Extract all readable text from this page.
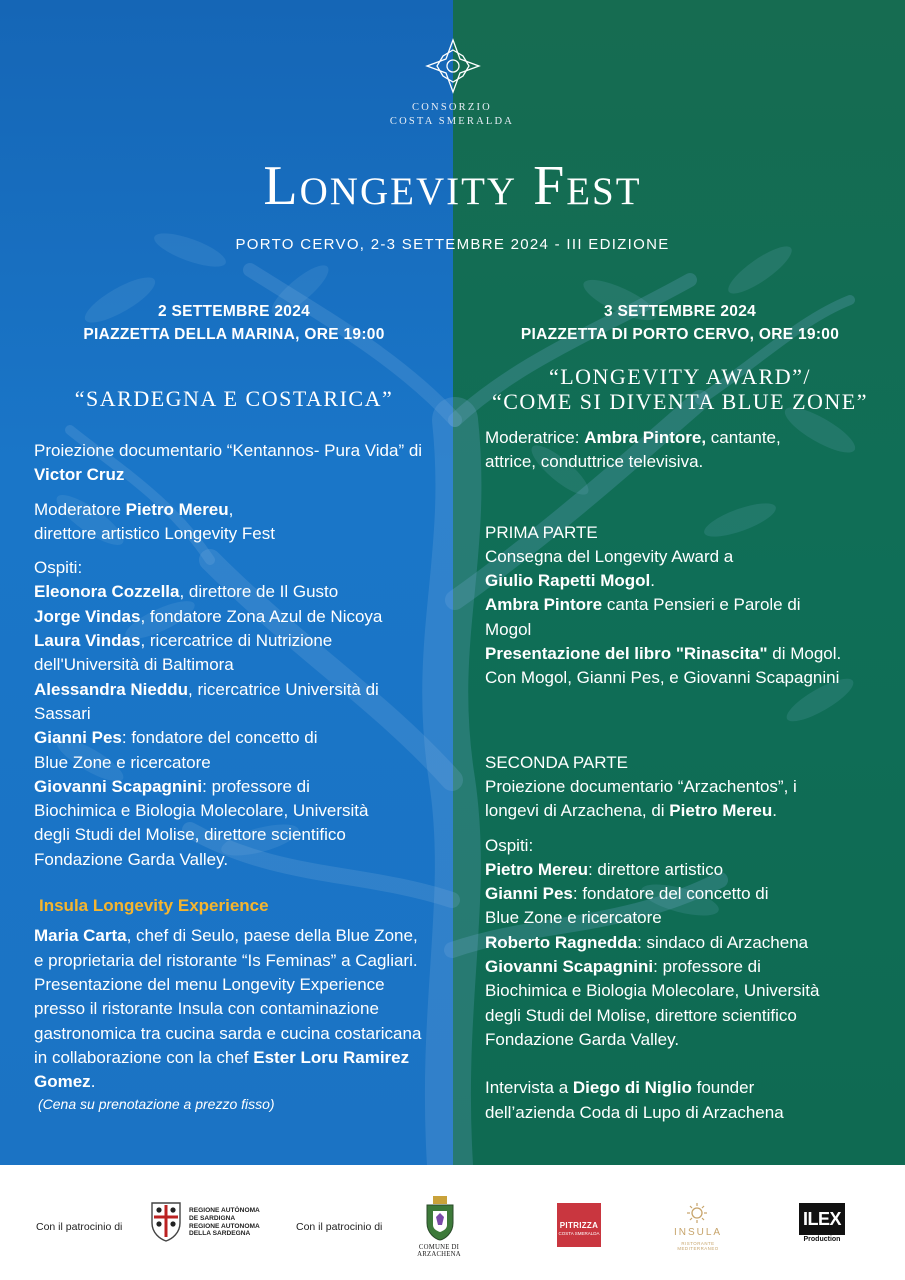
CONSORZIO
COSTA SMERALDA
Longevity Fest
PORTO CERVO, 2-3 SETTEMBRE 2024 - III EDIZIONE
2 SETTEMBRE 2024
PIAZZETTA DELLA MARINA, ORE 19:00
“SARDEGNA E COSTARICA”

Proiezione documentario “Kentannos- Pura Vida” di Victor Cruz

Moderatore Pietro Mereu,
direttore artistico Longevity Fest

Ospiti:

Eleonora Cozzella, direttore de Il Gusto

Jorge Vindas, fondatore Zona Azul de Nicoya

Laura Vindas, ricercatrice di Nutrizione dell'Università di Baltimora

Alessandra Nieddu, ricercatrice Università di Sassari

Gianni Pes: fondatore del concetto di Blue Zone e ricercatore

Giovanni Scapagnini: professore di Biochimica e Biologia Molecolare, Università degli Studi del Molise, direttore scientifico Fondazione Garda Valley.

Insula Longevity Experience

Maria Carta, chef di Seulo, paese della Blue Zone, e proprietaria del ristorante “Is Feminas” a Cagliari. Presentazione del menu Longevity Experience presso il ristorante Insula con contaminazione gastronomica tra cucina sarda e cucina costaricana in collaborazione con la chef Ester Loru Ramirez Gomez.

(Cena su prenotazione a prezzo fisso)

3 SETTEMBRE 2024
PIAZZETTA DI PORTO CERVO, ORE 19:00
“LONGEVITY AWARD”/
“COME SI DIVENTA BLUE ZONE”

Moderatrice: Ambra Pintore, cantante, attrice, conduttrice televisiva.

PRIMA PARTE

Consegna del Longevity Award a
Giulio Rapetti Mogol.

Ambra Pintore canta Pensieri e Parole di Mogol

Presentazione del libro "Rinascita" di Mogol.

Con Mogol, Gianni Pes, e Giovanni Scapagnini

SECONDA PARTE

Proiezione documentario “Arzachentos”, i longevi di Arzachena, di Pietro Mereu.

Ospiti:

Pietro Mereu: direttore artistico

Gianni Pes: fondatore del concetto di Blue Zone e ricercatore

Roberto Ragnedda: sindaco di Arzachena

Giovanni Scapagnini: professore di Biochimica e Biologia Molecolare, Università degli Studi del Molise, direttore scientifico Fondazione Garda Valley.

Intervista a Diego di Niglio founder dell’azienda Coda di Lupo di Arzachena

Con il patrocinio di
REGIONE AUTÒNOMA
DE SARDIGNA
REGIONE AUTONOMA
DELLA SARDEGNA
Con il patrocinio di
COMUNE DI ARZACHENA
PITRIZZA
COSTA SMERALDA	INSULA
RISTORANTE MEDITERRANEO
ILEX
Production
